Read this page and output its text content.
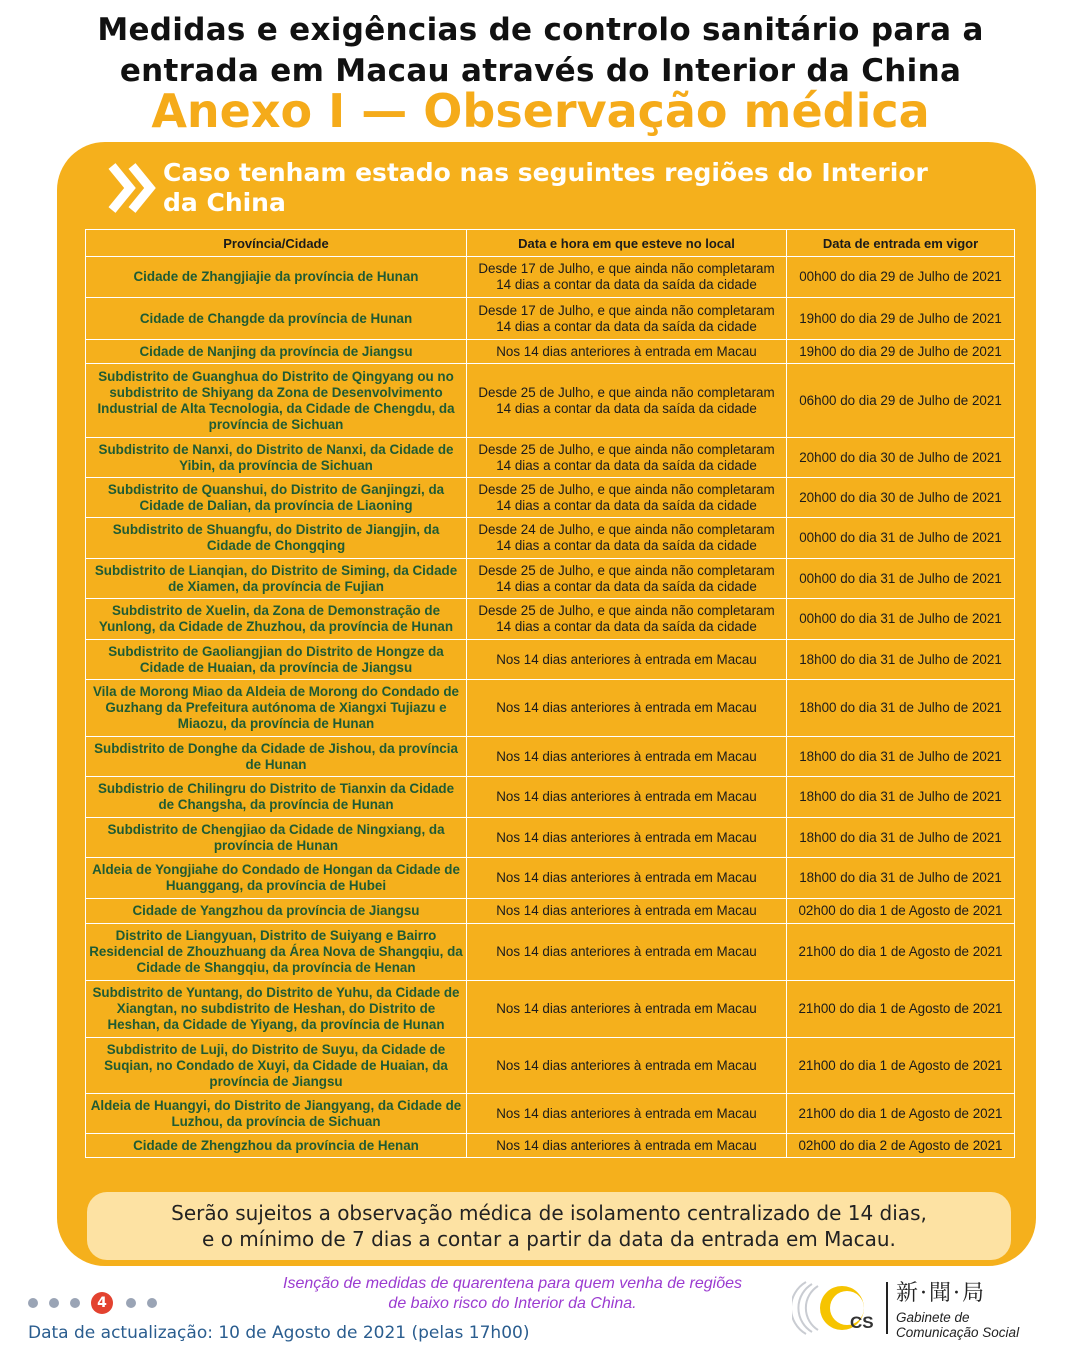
Medidas e exigências de controlo sanitário para a
entrada em Macau através do Interior da China
Anexo I — Observação médica
Caso tenham estado nas seguintes regiões do Interior
da China
Província/Cidade	Data e hora em que esteve no local	Data de entrada em vigor
Cidade de Zhangjiajie da província de Hunan	Desde 17 de Julho, e que ainda não completaram 14 dias a contar da data da saída da cidade	00h00 do dia 29 de Julho de 2021
Cidade de Changde da província de Hunan	Desde 17 de Julho, e que ainda não completaram 14 dias a contar da data da saída da cidade	19h00 do dia 29 de Julho de 2021
Cidade de Nanjing da província de Jiangsu	Nos 14 dias anteriores à entrada em Macau	19h00 do dia 29 de Julho de 2021
Subdistrito de Guanghua do Distrito de Qingyang ou no subdistrito de Shiyang da Zona de Desenvolvimento Industrial de Alta Tecnologia, da Cidade de Chengdu, da província de Sichuan	Desde 25 de Julho, e que ainda não completaram 14 dias a contar da data da saída da cidade	06h00 do dia 29 de Julho de 2021
Subdistrito de Nanxi, do Distrito de Nanxi, da Cidade de Yibin, da província de Sichuan	Desde 25 de Julho, e que ainda não completaram 14 dias a contar da data da saída da cidade	20h00 do dia 30 de Julho de 2021
Subdistrito de Quanshui, do Distrito de Ganjingzi, da Cidade de Dalian, da província de Liaoning	Desde 25 de Julho, e que ainda não completaram 14 dias a contar da data da saída da cidade	20h00 do dia 30 de Julho de 2021
Subdistrito de Shuangfu, do Distrito de Jiangjin, da Cidade de Chongqing	Desde 24 de Julho, e que ainda não completaram 14 dias a contar da data da saída da cidade	00h00 do dia 31 de Julho de 2021
Subdistrito de Lianqian, do Distrito de Siming, da Cidade de Xiamen, da província de Fujian	Desde 25 de Julho, e que ainda não completaram 14 dias a contar da data da saída da cidade	00h00 do dia 31 de Julho de 2021
Subdistrito de Xuelin, da Zona de Demonstração de Yunlong, da Cidade de Zhuzhou, da província de Hunan	Desde 25 de Julho, e que ainda não completaram 14 dias a contar da data da saída da cidade	00h00 do dia 31 de Julho de 2021
Subdistrito de Gaoliangjian do Distrito de Hongze da Cidade de Huaian, da província de Jiangsu	Nos 14 dias anteriores à entrada em Macau	18h00 do dia 31 de Julho de 2021
Vila de Morong Miao da Aldeia de Morong do Condado de Guzhang da Prefeitura autónoma de Xiangxi Tujiazu e Miaozu, da província de Hunan	Nos 14 dias anteriores à entrada em Macau	18h00 do dia 31 de Julho de 2021
Subdistrito de Donghe da Cidade de Jishou, da província de Hunan	Nos 14 dias anteriores à entrada em Macau	18h00 do dia 31 de Julho de 2021
Subdistrio de Chilingru do Distrito de Tianxin da Cidade de Changsha, da província de Hunan	Nos 14 dias anteriores à entrada em Macau	18h00 do dia 31 de Julho de 2021
Subdistrito de Chengjiao da Cidade de Ningxiang, da província de Hunan	Nos 14 dias anteriores à entrada em Macau	18h00 do dia 31 de Julho de 2021
Aldeia de Yongjiahe do Condado de Hongan da Cidade de Huanggang, da província de Hubei	Nos 14 dias anteriores à entrada em Macau	18h00 do dia 31 de Julho de 2021
Cidade de Yangzhou da província de Jiangsu	Nos 14 dias anteriores à entrada em Macau	02h00 do dia 1 de Agosto de 2021
Distrito de Liangyuan, Distrito de Suiyang e Bairro Residencial de Zhouzhuang da Área Nova de Shangqiu, da Cidade de Shangqiu, da província de Henan	Nos 14 dias anteriores à entrada em Macau	21h00 do dia 1 de Agosto de 2021
Subdistrito de Yuntang, do Distrito de Yuhu, da Cidade de Xiangtan, no subdistrito de Heshan, do Distrito de Heshan, da Cidade de Yiyang, da província de Hunan	Nos 14 dias anteriores à entrada em Macau	21h00 do dia 1 de Agosto de 2021
Subdistrito de Luji, do Distrito de Suyu, da Cidade de Suqian, no Condado de Xuyi, da Cidade de Huaian, da província de Jiangsu	Nos 14 dias anteriores à entrada em Macau	21h00 do dia 1 de Agosto de 2021
Aldeia de Huangyi, do Distrito de Jiangyang, da Cidade de Luzhou, da província de Sichuan	Nos 14 dias anteriores à entrada em Macau	21h00 do dia 1 de Agosto de 2021
Cidade de Zhengzhou da província de Henan	Nos 14 dias anteriores à entrada em Macau	02h00 do dia 2 de Agosto de 2021
Serão sujeitos a observação médica de isolamento centralizado de 14 dias,
e o mínimo de 7 dias a contar a partir da data da entrada em Macau.
4
Isenção de medidas de quarentena para quem venha de regiões
de baixo risco do Interior da China.
Data de actualização: 10 de Agosto de 2021 (pelas 17h00)
CS
新·聞·局
Gabinete de
Comunicação Social
